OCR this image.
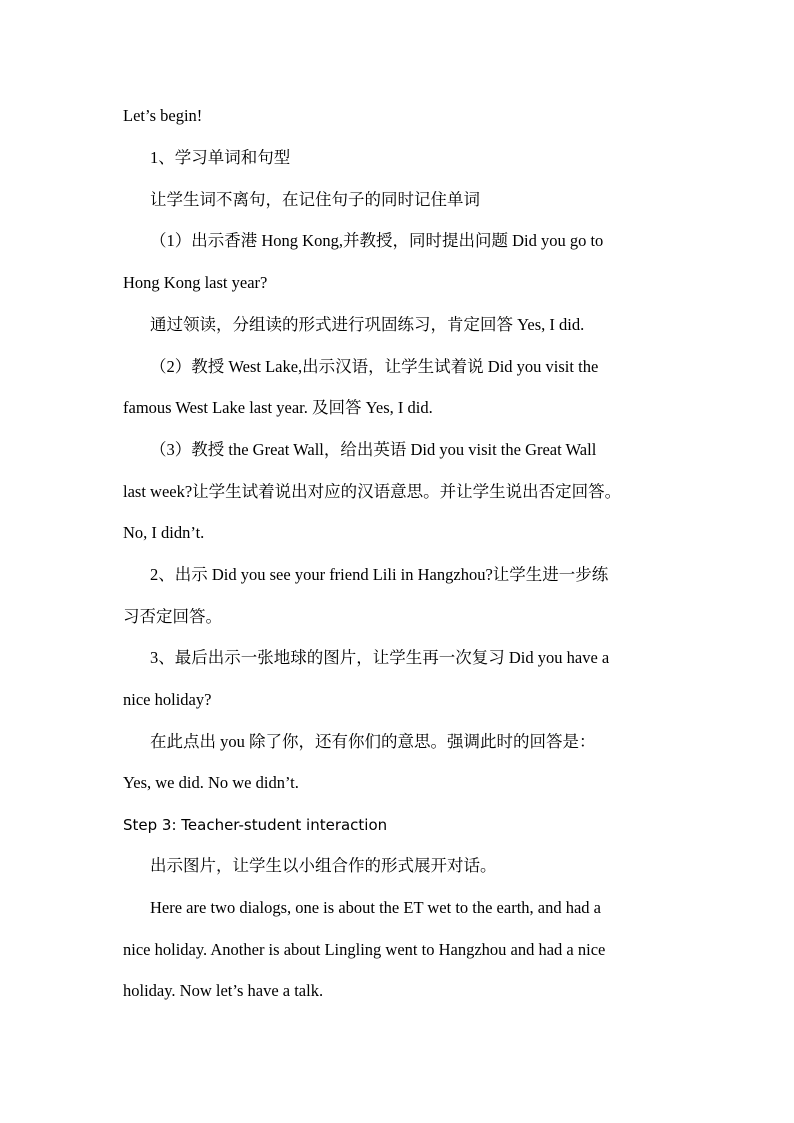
Let’s begin!
1、学习单词和句型
让学生词不离句，在记住句子的同时记住单词
（1）出示香港 Hong Kong,并教授，同时提出问题 Did you go to
Hong Kong last year?
通过领读，分组读的形式进行巩固练习，肯定回答 Yes, I did.
（2）教授 West Lake,出示汉语，让学生试着说 Did you visit the
famous West Lake last year. 及回答 Yes, I did.
（3）教授 the Great Wall，给出英语 Did you visit the Great Wall
last week?让学生试着说出对应的汉语意思。并让学生说出否定回答。
No, I didn’t.
2、出示 Did you see your friend Lili in Hangzhou?让学生进一步练
习否定回答。
3、最后出示一张地球的图片，让学生再一次复习 Did you have a
nice holiday?
在此点出 you 除了你，还有你们的意思。强调此时的回答是：
Yes, we did. No we didn’t.
Step 3: Teacher-student interaction
出示图片，让学生以小组合作的形式展开对话。
Here are two dialogs, one is about the ET wet to the earth, and had a
nice holiday. Another is about Lingling went to Hangzhou and had a nice
holiday. Now let’s have a talk.
